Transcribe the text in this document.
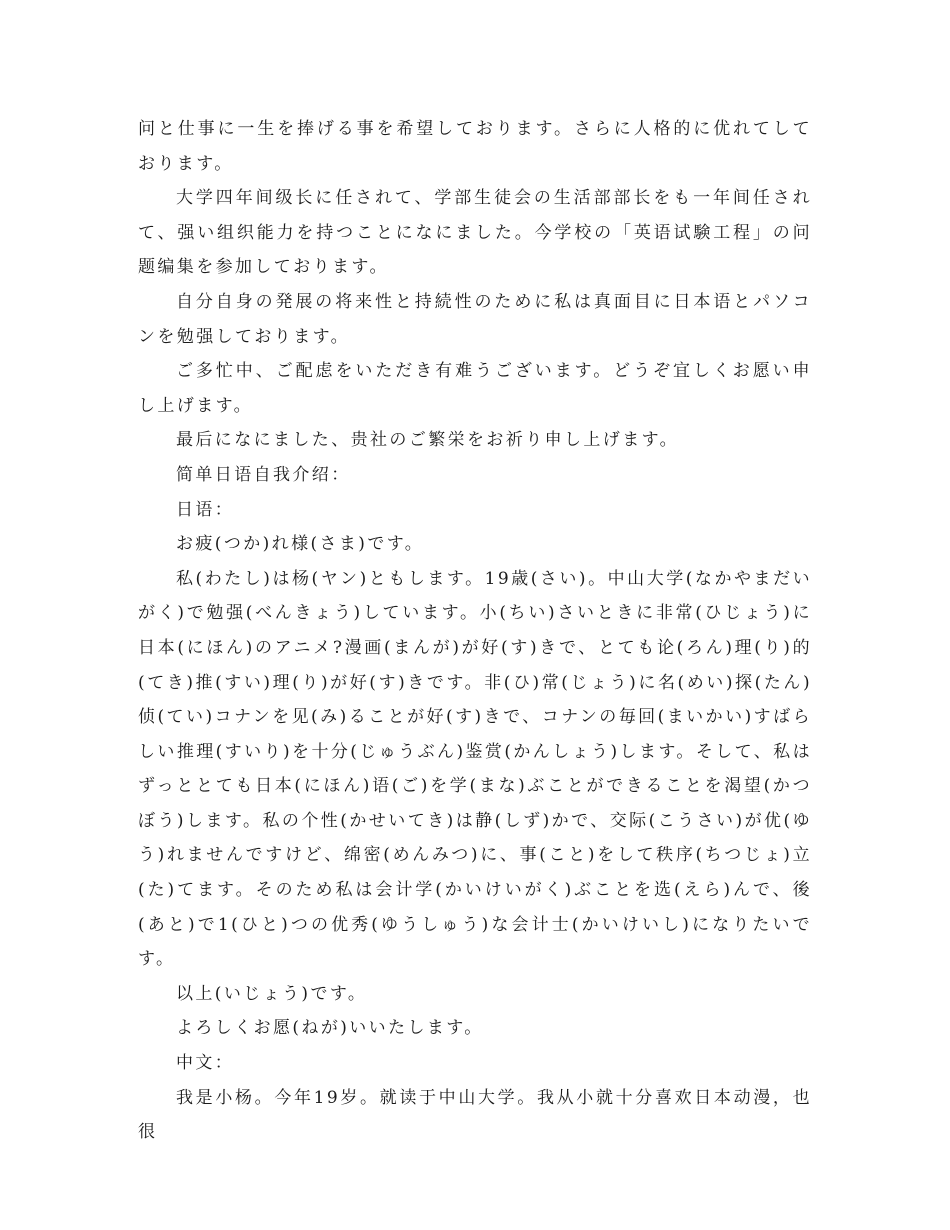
问と仕事に一生を捧げる事を希望しております。さらに人格的に优れてしております。

大学四年间级长に任されて、学部生徒会の生活部部长をも一年间任されて、强い组织能力を持つことになにました。今学校の「英语试験工程」の问题编集を参加しております。

自分自身の発展の将来性と持続性のために私は真面目に日本语とパソコンを勉强しております。

ご多忙中、ご配虑をいただき有难うございます。どうぞ宜しくお愿い申し上げます。

最后になにました、贵社のご繁栄をお祈り申し上げます。

简单日语自我介绍：

日语：

お疲(つか)れ様(さま)です。

私(わたし)は杨(ヤン)ともします。19歳(さい)。中山大学(なかやまだいがく)で勉强(べんきょう)しています。小(ちい)さいときに非常(ひじょう)に日本(にほん)のアニメ?漫画(まんが)が好(す)きで、とても论(ろん)理(り)的(てき)推(すい)理(り)が好(す)きです。非(ひ)常(じょう)に名(めい)探(たん)侦(てい)コナンを见(み)ることが好(す)きで、コナンの毎回(まいかい)すばらしい推理(すいり)を十分(じゅうぶん)鉴赏(かんしょう)します。そして、私はずっととても日本(にほん)语(ご)を学(まな)ぶことができることを渴望(かつぼう)します。私の个性(かせいてき)は静(しず)かで、交际(こうさい)が优(ゆう)れませんですけど、绵密(めんみつ)に、事(こと)をして秩序(ちつじょ)立(た)てます。そのため私は会计学(かいけいがく)ぶことを选(えら)んで、後(あと)で1(ひと)つの优秀(ゆうしゅう)な会计士(かいけいし)になりたいです。

以上(いじょう)です。

よろしくお愿(ねが)いいたします。

中文：

我是小杨。今年19岁。就读于中山大学。我从小就十分喜欢日本动漫，也很
